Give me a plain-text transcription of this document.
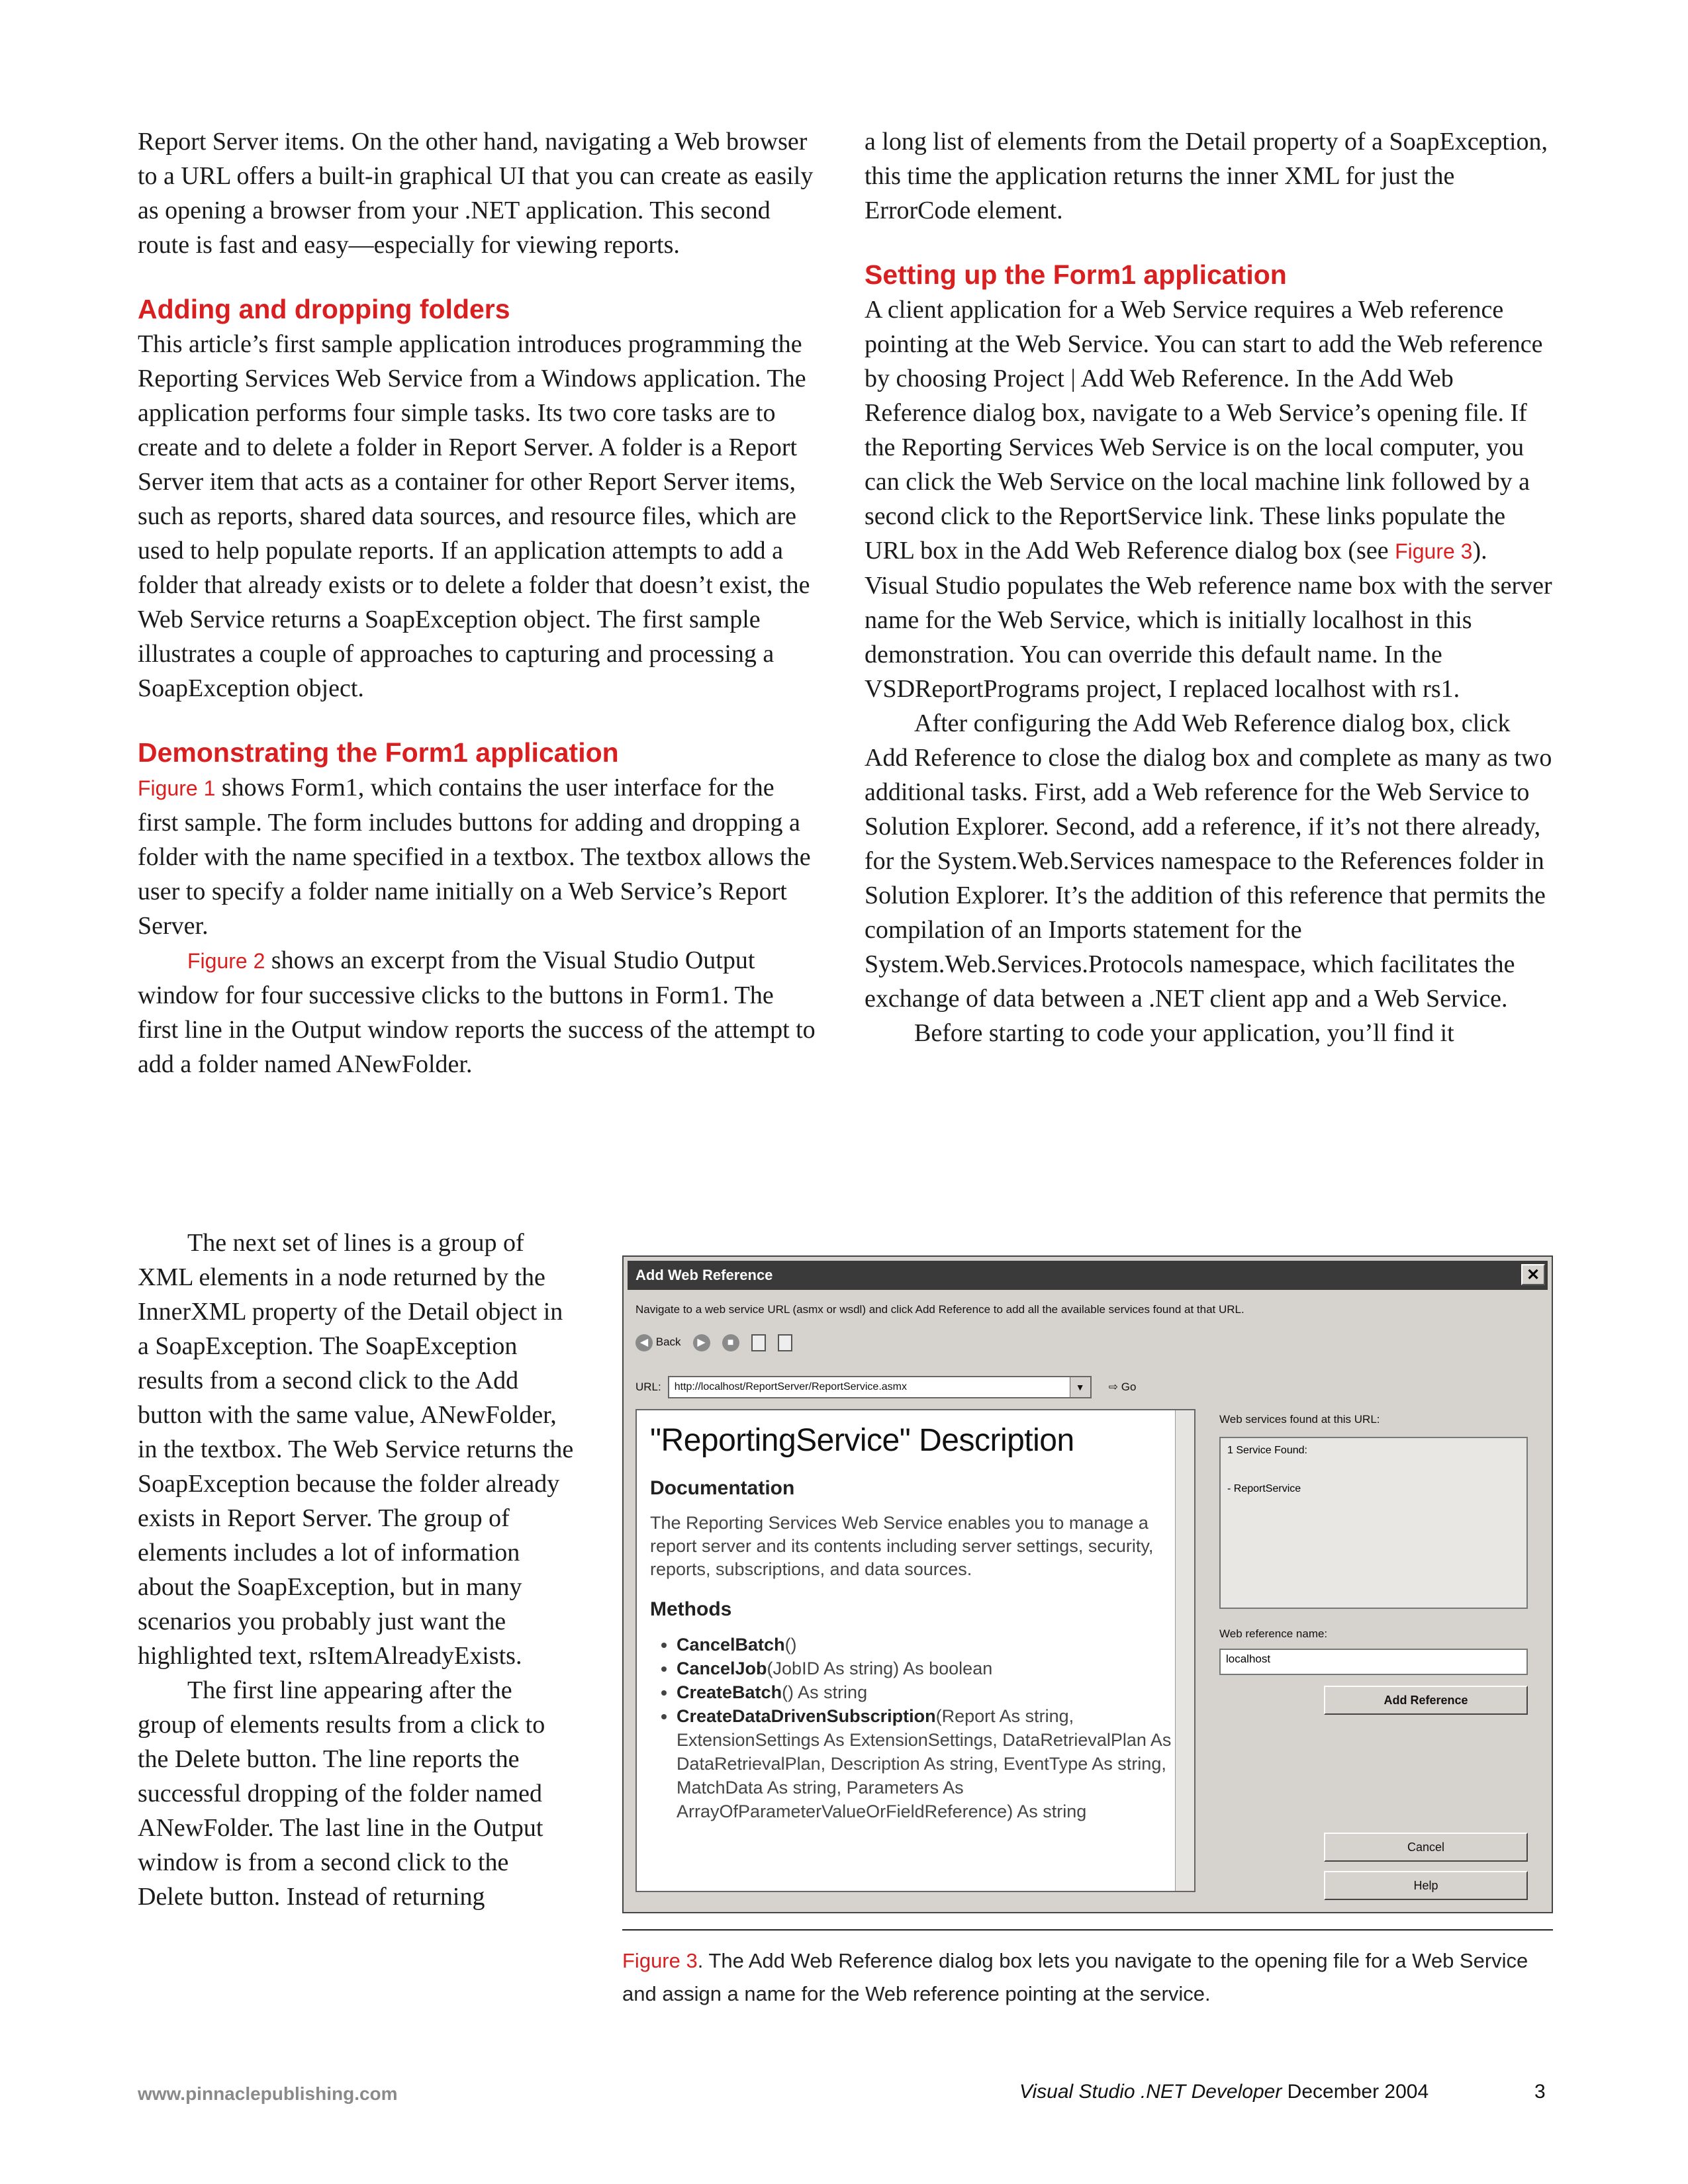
Report Server items. On the other hand, navigating a Web browser to a URL offers a built-in graphical UI that you can create as easily as opening a browser from your .NET application. This second route is fast and easy—especially for viewing reports.

Adding and dropping folders

This article’s first sample application introduces programming the Reporting Services Web Service from a Windows application. The application performs four simple tasks. Its two core tasks are to create and to delete a folder in Report Server. A folder is a Report Server item that acts as a container for other Report Server items, such as reports, shared data sources, and resource files, which are used to help populate reports. If an application attempts to add a folder that already exists or to delete a folder that doesn’t exist, the Web Service returns a SoapException object. The first sample illustrates a couple of approaches to capturing and processing a SoapException object.

Demonstrating the Form1 application

Figure 1 shows Form1, which contains the user interface for the first sample. The form includes buttons for adding and dropping a folder with the name specified in a textbox. The textbox allows the user to specify a folder name initially on a Web Service’s Report Server.

Figure 2 shows an excerpt from the Visual Studio Output window for four successive clicks to the buttons in Form1. The first line in the Output window reports the success of the attempt to add a folder named ANewFolder.

The next set of lines is a group of XML elements in a node returned by the InnerXML property of the Detail object in a SoapException. The SoapException results from a second click to the Add button with the same value, ANewFolder, in the textbox. The Web Service returns the SoapException because the folder already exists in Report Server. The group of elements includes a lot of information about the SoapException, but in many scenarios you probably just want the highlighted text, rsItemAlreadyExists.

The first line appearing after the group of elements results from a click to the Delete button. The line reports the successful dropping of the folder named ANewFolder. The last line in the Output window is from a second click to the Delete button. Instead of returning

a long list of elements from the Detail property of a SoapException, this time the application returns the inner XML for just the ErrorCode element.

Setting up the Form1 application

A client application for a Web Service requires a Web reference pointing at the Web Service. You can start to add the Web reference by choosing Project | Add Web Reference. In the Add Web Reference dialog box, navigate to a Web Service’s opening file. If the Reporting Services Web Service is on the local computer, you can click the Web Service on the local machine link followed by a second click to the ReportService link. These links populate the URL box in the Add Web Reference dialog box (see Figure 3). Visual Studio populates the Web reference name box with the server name for the Web Service, which is initially localhost in this demonstration. You can override this default name. In the VSDReportPrograms project, I replaced localhost with rs1.

After configuring the Add Web Reference dialog box, click Add Reference to close the dialog box and complete as many as two additional tasks. First, add a Web reference for the Web Service to Solution Explorer. Second, add a reference, if it’s not there already, for the System.Web.Services namespace to the References folder in Solution Explorer. It’s the addition of this reference that permits the compilation of an Imports statement for the System.Web.Services.Protocols namespace, which facilitates the exchange of data between a .NET client app and a Web Service.

Before starting to code your application, you’ll find it

Add Web Reference	✕
Navigate to a web service URL (asmx or wsdl) and click Add Reference to add all the available services found at that URL.
◀ Back	▶	■
URL:	http://localhost/ReportServer/ReportService.asmx	▼	⇨ Go
"ReportingService" Description
Documentation
The Reporting Services Web Service enables you to manage a report server and its contents including server settings, security, reports, subscriptions, and data sources.
Methods
• CancelBatch()
• CancelJob(JobID As string) As boolean
• CreateBatch() As string
• CreateDataDrivenSubscription(Report As string, ExtensionSettings As ExtensionSettings, DataRetrievalPlan As DataRetrievalPlan, Description As string, EventType As string, MatchData As string, Parameters As ArrayOfParameterValueOrFieldReference) As string
Web services found at this URL:
1 Service Found:
- ReportService
Web reference name:
localhost
Add Reference
Cancel
Help
Figure 3. The Add Web Reference dialog box lets you navigate to the opening file for a Web Service and assign a name for the Web reference pointing at the service.
www.pinnaclepublishing.com	Visual Studio .NET Developer December 2004	3
